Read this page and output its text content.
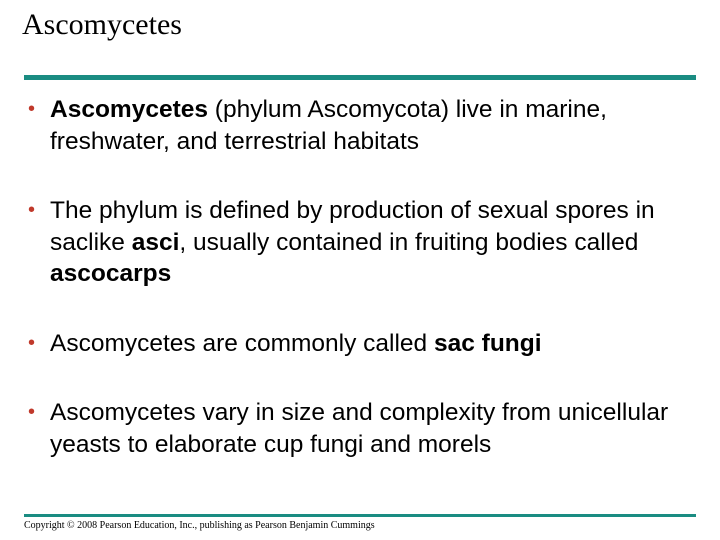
Ascomycetes
• Ascomycetes (phylum Ascomycota) live in marine, freshwater, and terrestrial habitats
• The phylum is defined by production of sexual spores in saclike asci, usually contained in fruiting bodies called ascocarps
• Ascomycetes are commonly called sac fungi
• Ascomycetes vary in size and complexity from unicellular yeasts to elaborate cup fungi and morels
Copyright © 2008 Pearson Education, Inc., publishing as Pearson Benjamin Cummings
